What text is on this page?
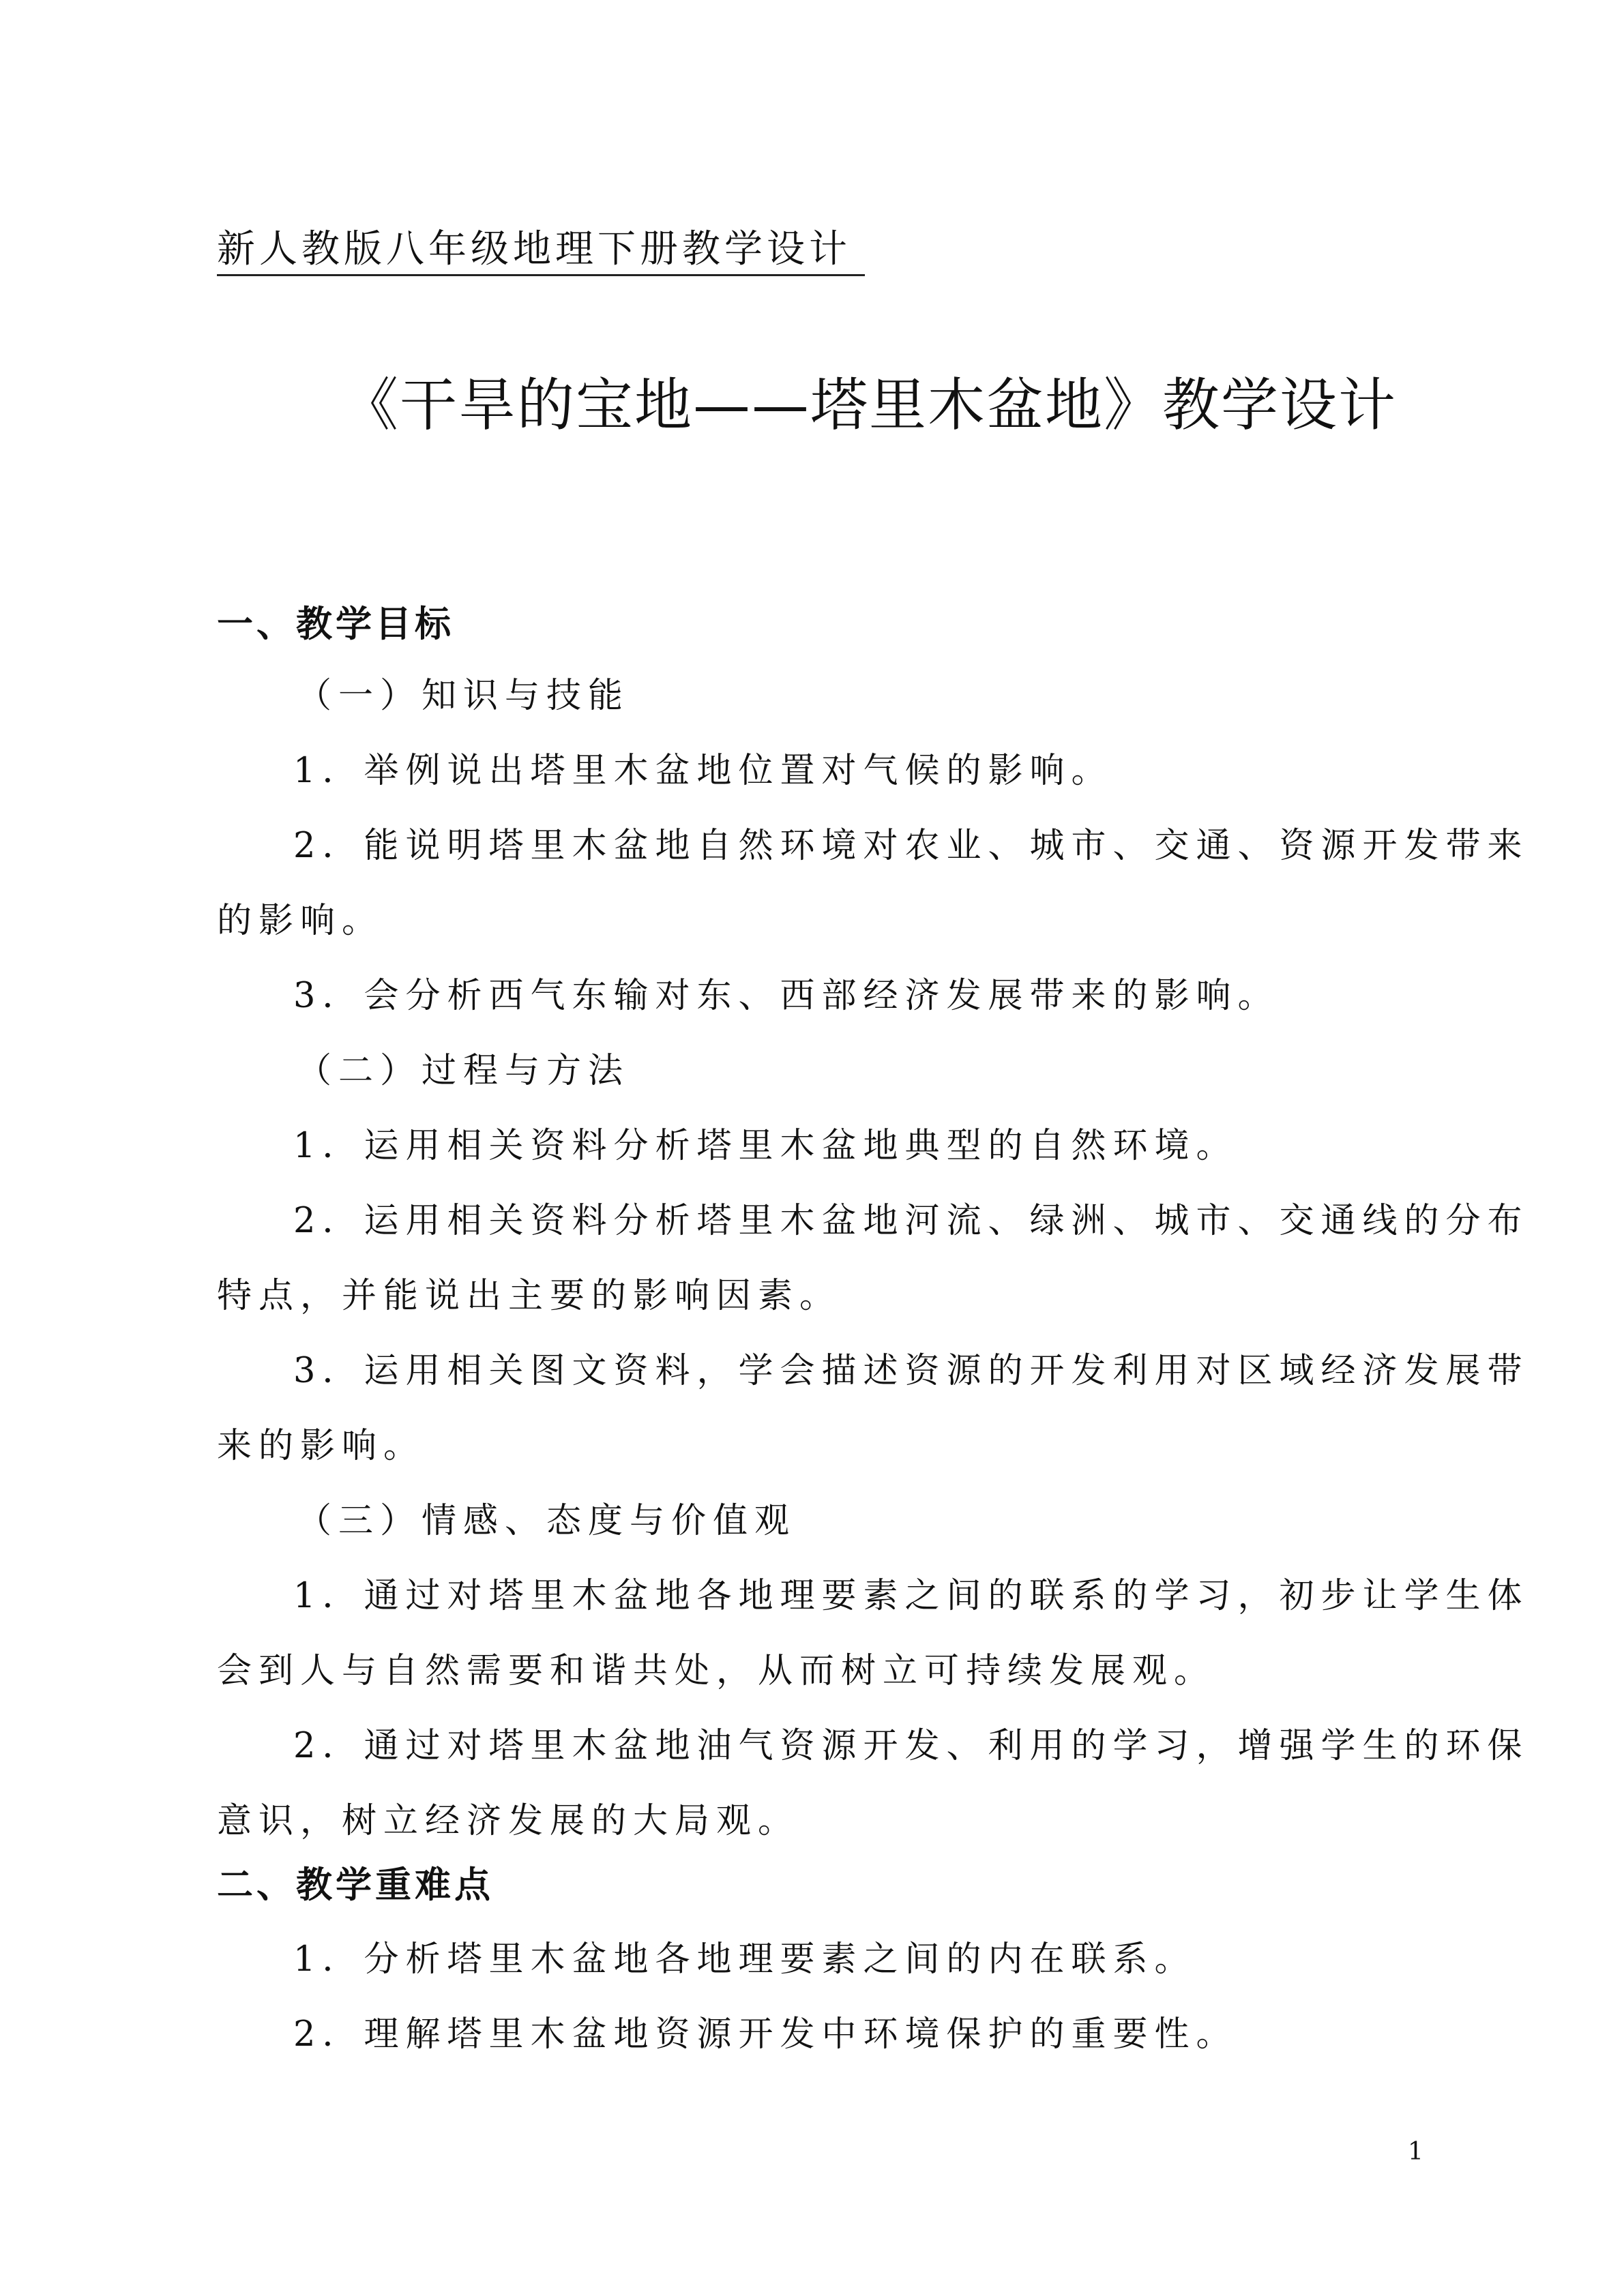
新人教版八年级地理下册教学设计
《干旱的宝地——塔里木盆地》教学设计
一、教学目标
（一）知识与技能
1．举例说出塔里木盆地位置对气候的影响。
2．能说明塔里木盆地自然环境对农业、城市、交通、资源开发带来
的影响。
3．会分析西气东输对东、西部经济发展带来的影响。
（二）过程与方法
1．运用相关资料分析塔里木盆地典型的自然环境。
2．运用相关资料分析塔里木盆地河流、绿洲、城市、交通线的分布
特点，并能说出主要的影响因素。
3．运用相关图文资料，学会描述资源的开发利用对区域经济发展带
来的影响。
（三）情感、态度与价值观
1．通过对塔里木盆地各地理要素之间的联系的学习，初步让学生体
会到人与自然需要和谐共处，从而树立可持续发展观。
2．通过对塔里木盆地油气资源开发、利用的学习，增强学生的环保
意识，树立经济发展的大局观。
二、教学重难点
1．分析塔里木盆地各地理要素之间的内在联系。
2．理解塔里木盆地资源开发中环境保护的重要性。
1
